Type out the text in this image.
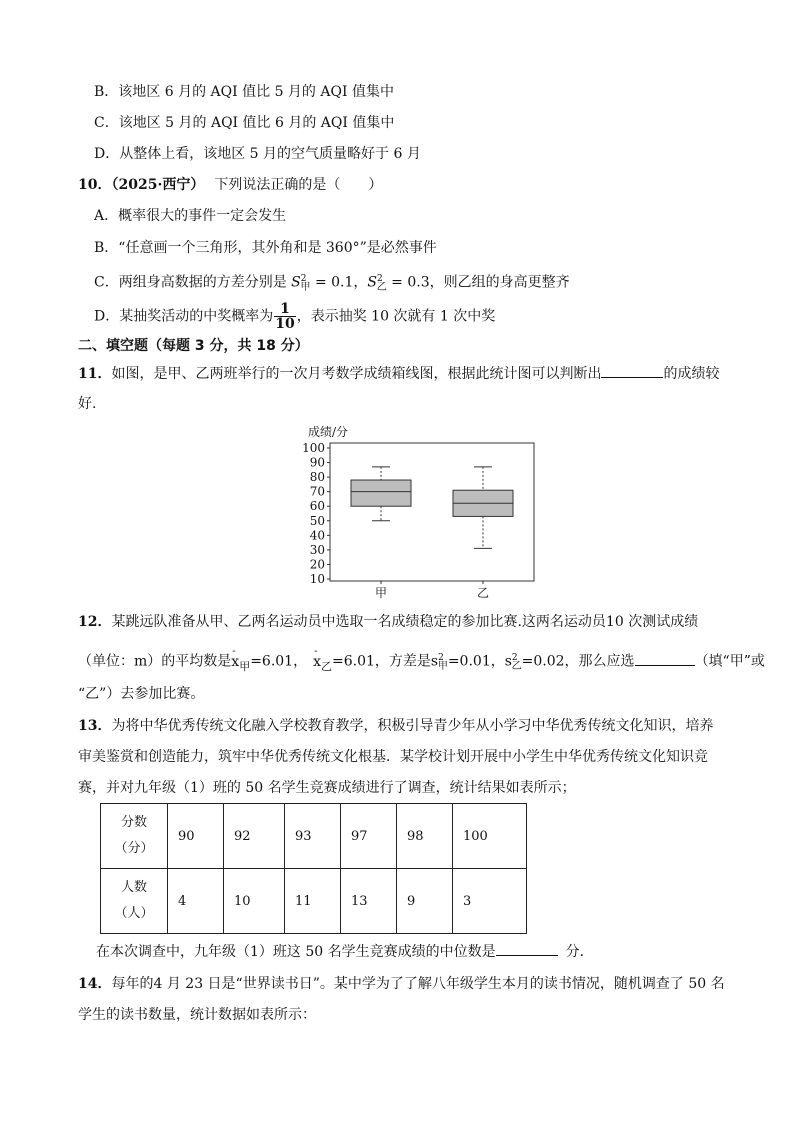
B．该地区 6 月的 AQI 值比 5 月的 AQI 值集中
C．该地区 5 月的 AQI 值比 6 月的 AQI 值集中
D．从整体上看，该地区 5 月的空气质量略好于 6 月
10．（2025·西宁） 下列说法正确的是（　　）
A．概率很大的事件一定会发生
B．“任意画一个三角形，其外角和是 360°”是必然事件
C．两组身高数据的方差分别是 $S^2_甲 = 0.1$，$S^2_乙 = 0.3$，则乙组的身高更整齐
D．某抽奖活动的中奖概率为 $\frac{1}{10}$ ，表示抽奖 10 次就有 1 次中奖
二、填空题（每题 3 分，共 18 分）
11．如图，是甲、乙两班举行的一次月考数学成绩箱线图，根据此统计图可以判断出	的成绩较
好.
成绩/分
100
90
80
70
60
50
40
30
20
10
甲	乙
12．某跳远队准备从甲、乙两名运动员中选取一名成绩稳定的参加比赛.这两名运动员10 次测试成绩
（单位：m）的平均数是
-
$x_甲=6.01$，
-
$x_乙=6.01$，方差是$s^2_甲=0.01$，$s^2_乙=0.02$，那么应选	（填“甲”或
“乙”）去参加比赛。
13．为将中华优秀传统文化融入学校教育教学，积极引导青少年从小学习中华优秀传统文化知识，培养
审美鉴赏和创造能力，筑牢中华优秀传统文化根基．某学校计划开展中小学生中华优秀传统文化知识竞
赛，并对九年级（1）班的 50 名学生竞赛成绩进行了调查，统计结果如表所示；
分数
（分）	90	92	93	97	98	100
人数
（人）	4	10	11	13	9	3
在本次调查中，九年级（1）班这 50 名学生竞赛成绩的中位数是	分．
14．每年的4 月 23 日是“世界读书日”。某中学为了了解八年级学生本月的读书情况，随机调查了 50 名
学生的读书数量，统计数据如表所示：
